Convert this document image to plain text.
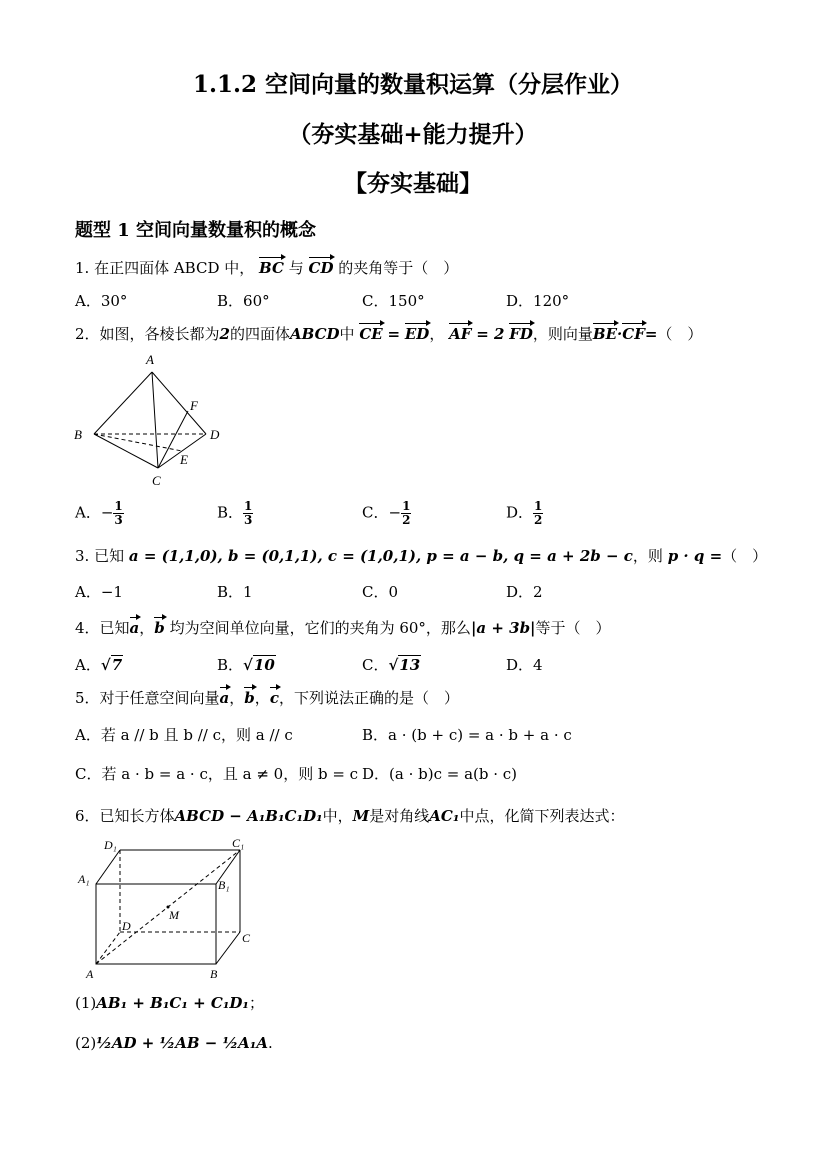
1.1.2 空间向量的数量积运算（分层作业）
（夯实基础+能力提升）
【夯实基础】
题型 1 空间向量数量积的概念
1. 在正四面体 ABCD 中， BC 与 CD 的夹角等于（　）
A．30°	B．60°	C．150°	D．120°
2．如图，各棱长都为2的四面体ABCD中 CE = ED， AF = 2 FD，则向量BE·CF=（　）
A
B
C
D
E
F
A．− $\frac{1}{3}$	B． $\frac{1}{3}$	C．− $\frac{1}{2}$	D． $\frac{1}{2}$
3. 已知 a = (1,1,0), b = (0,1,1), c = (1,0,1), p = a − b, q = a + 2b − c，则 p · q =（　）
A．−1	B．1	C．0	D．2
4．已知a，b 均为空间单位向量，它们的夹角为 60°，那么|a + 3b|等于（　）
A．√7	B．√10	C．√13	D．4
5．对于任意空间向量a，b，c，下列说法正确的是（　）
A．若 a // b 且 b // c，则 a // c	B．a · (b + c) = a · b + a · c
C．若 a · b = a · c，且 a ≠ 0，则 b = c D．(a · b)c = a(b · c)
6．已知长方体ABCD − A₁B₁C₁D₁中，M是对角线AC₁中点，化简下列表达式：
A	B
C
D
A₁	B₁
C₁
D₁
M
(1)AB₁ + B₁C₁ + C₁D₁；
(2)½AD + ½AB − ½A₁A.
